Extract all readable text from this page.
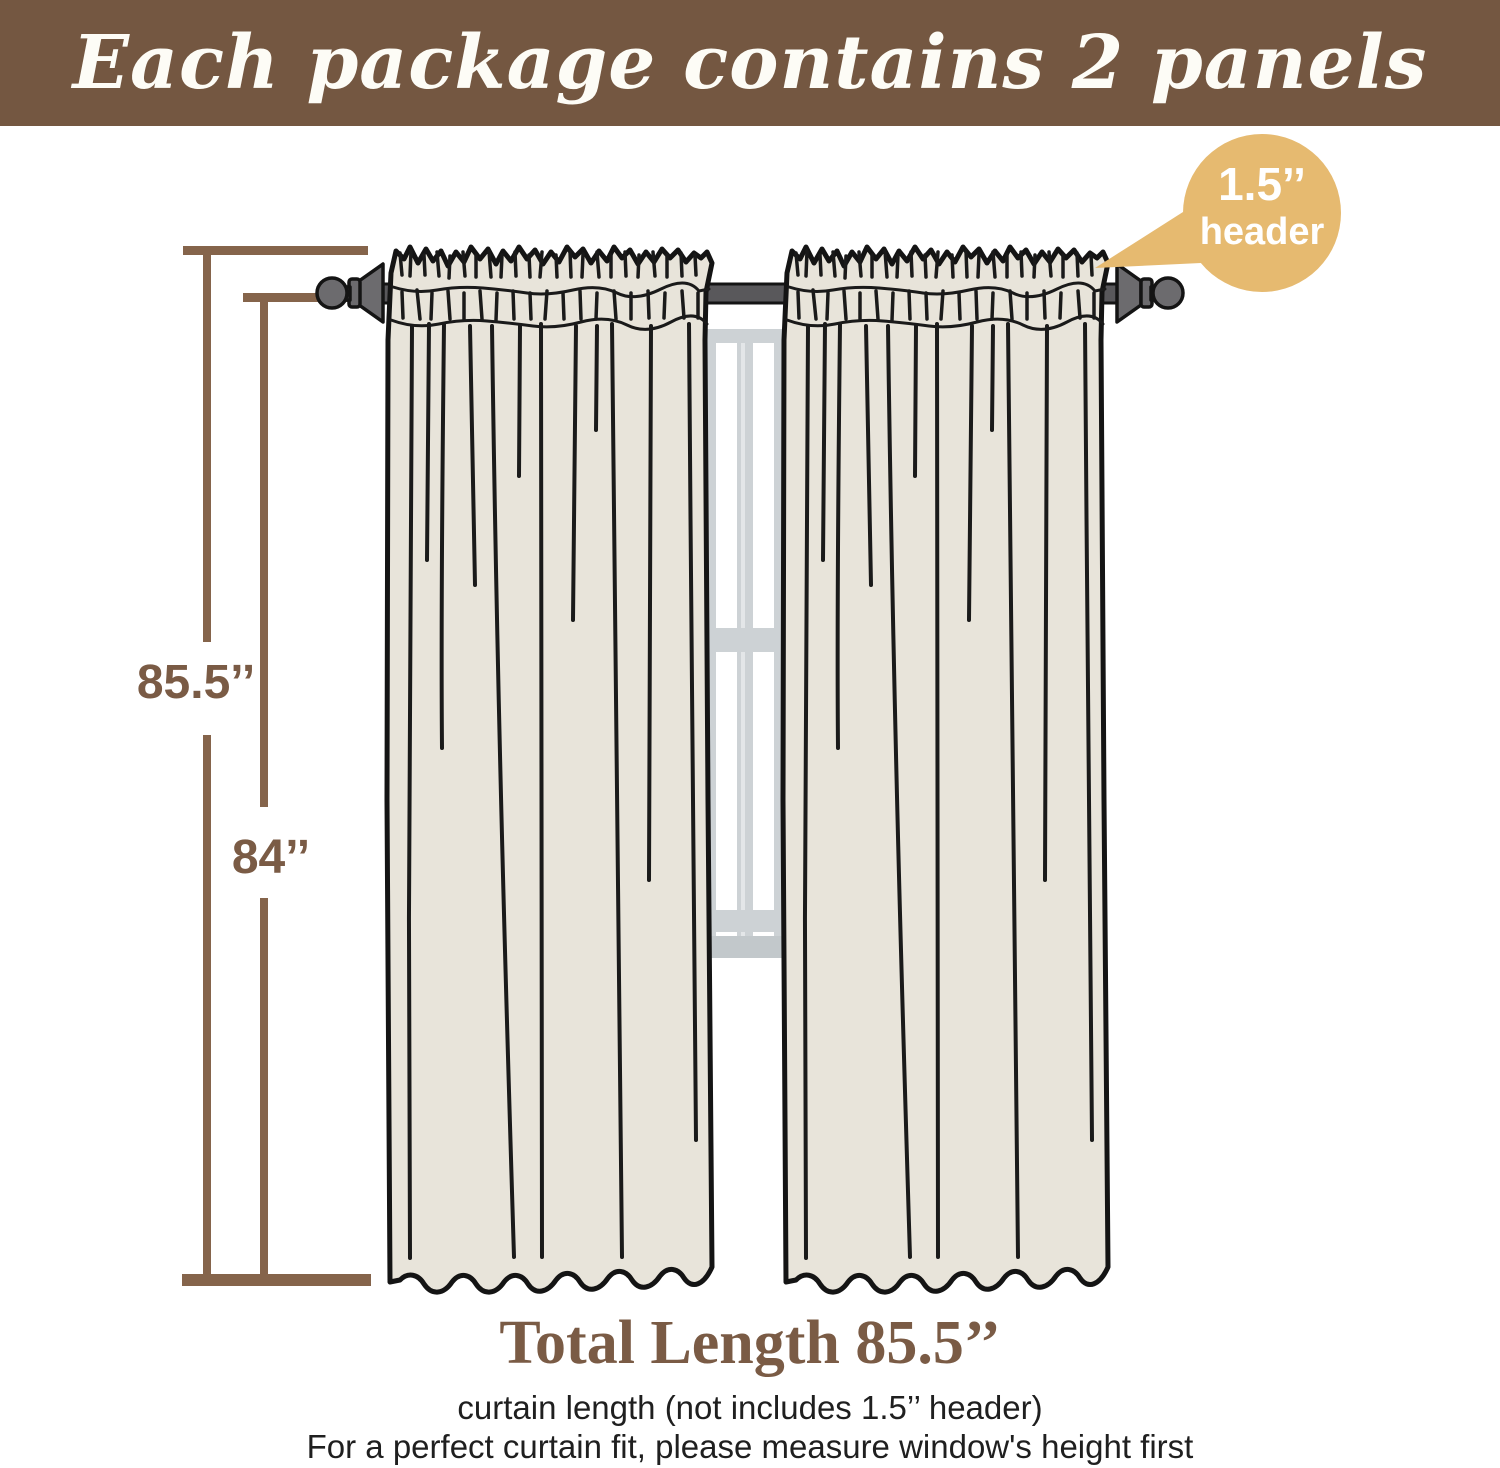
Each package contains 2 panels
85.5’’
84’’
1.5’’
header
Total Length 85.5’’
curtain length (not includes 1.5’’ header)
For a perfect curtain fit, please measure window's height first
